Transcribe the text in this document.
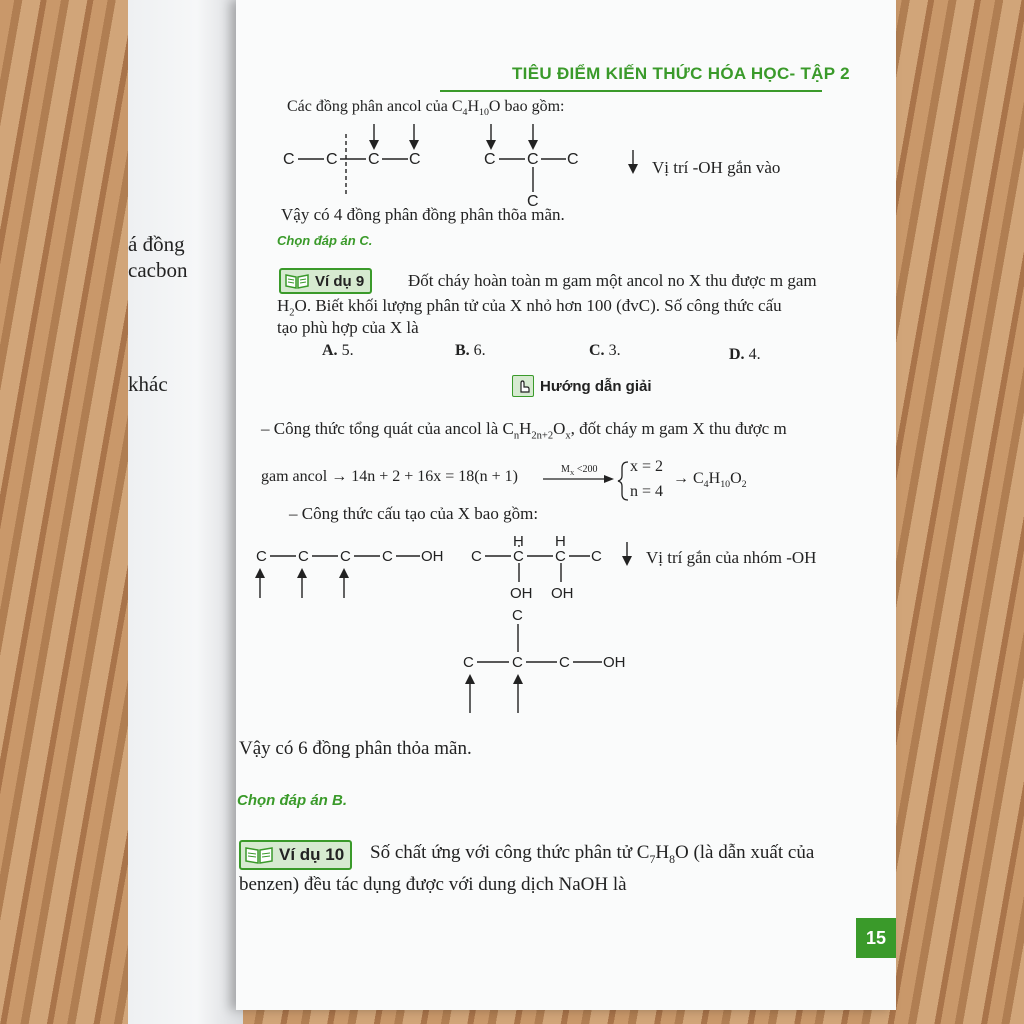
á đồng
cacbon
khác
TIÊU ĐIỂM KIẾN THỨC HÓA HỌC- TẬP 2
Các đồng phân ancol của $C_4H_{10}O$ bao gồm:
C C C C	C C C
C
Vị trí -OH gắn vào
Vậy có 4 đồng phân đồng phân thõa mãn.
Chọn đáp án C.
Ví dụ 9	Đốt cháy hoàn toàn m gam một ancol no X thu được m gam
$H_2O$. Biết khối lượng phân tử của X nhỏ hơn 100 (đvC). Số công thức cấu
tạo phù hợp của X là
A. 5.	B. 6.	C. 3.	D. 4.
Hướng dẫn giải
– Công thức tổng quát của ancol là $C_nH_{2n+2}O_x$, đốt cháy m gam X thu được m
gam ancol → 14n + 2 + 16x = 18(n + 1)	$M_X <200$ x = 2
n = 4
→ $C_4H_{10}O_2$
– Công thức cấu tạo của X bao gồm:
C C C C OH C C C C
H H
OH OH
C
C	C C OH
Vị trí gắn của nhóm -OH
Vậy có 6 đồng phân thỏa mãn.
Chọn đáp án B.
Ví dụ 10 Số chất ứng với công thức phân tử $C_7H_8O$ (là dẫn xuất của
benzen) đều tác dụng được với dung dịch NaOH là
15
